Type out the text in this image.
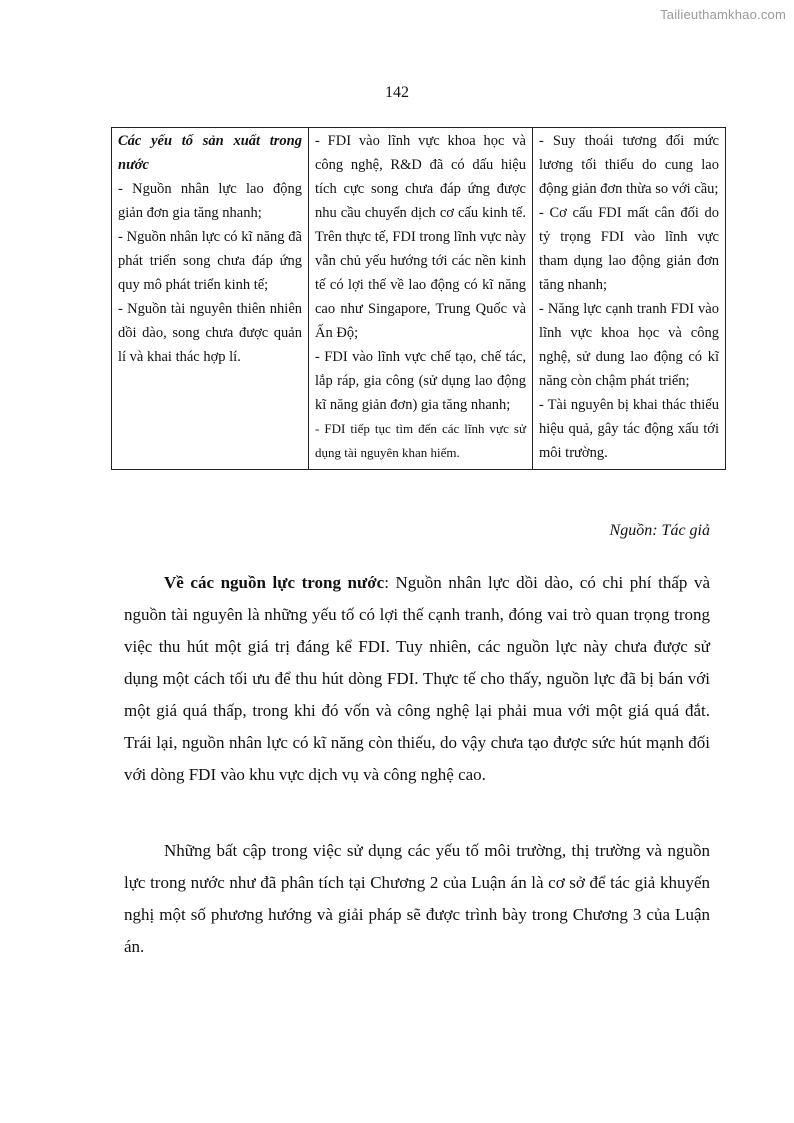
Tailieuthamkhao.com
142
Các yếu tố sản xuất trong nước
- Nguồn nhân lực lao động giản đơn gia tăng nhanh;
- Nguồn nhân lực có kĩ năng đã phát triển song chưa đáp ứng quy mô phát triển kinh tế;
- Nguồn tài nguyên thiên nhiên dồi dào, song chưa được quản lí và khai thác hợp lí.

- FDI vào lĩnh vực khoa học và công nghệ, R&D đã có dấu hiệu tích cực song chưa đáp ứng được nhu cầu chuyển dịch cơ cấu kinh tế. Trên thực tế, FDI trong lĩnh vực này vẫn chủ yếu hướng tới các nền kinh tế có lợi thế về lao động có kĩ năng cao như Singapore, Trung Quốc và Ấn Độ;
- FDI vào lĩnh vực chế tạo, chế tác, lắp ráp, gia công (sử dụng lao động kĩ năng giản đơn) gia tăng nhanh;
- FDI tiếp tục tìm đến các lĩnh vực sử dụng tài nguyên khan hiếm.

- Suy thoái tương đối mức lương tối thiểu do cung lao động giản đơn thừa so với cầu;
- Cơ cấu FDI mất cân đối do tỷ trọng FDI vào lĩnh vực tham dụng lao động giản đơn tăng nhanh;
- Năng lực cạnh tranh FDI vào lĩnh vực khoa học và công nghệ, sử dung lao động có kĩ năng còn chậm phát triển;
- Tài nguyên bị khai thác thiếu hiệu quả, gây tác động xấu tới môi trường.
Nguồn: Tác giả

Về các nguồn lực trong nước: Nguồn nhân lực dồi dào, có chi phí thấp và nguồn tài nguyên là những yếu tố có lợi thế cạnh tranh, đóng vai trò quan trọng trong việc thu hút một giá trị đáng kể FDI. Tuy nhiên, các nguồn lực này chưa được sử dụng một cách tối ưu để thu hút dòng FDI. Thực tế cho thấy, nguồn lực đã bị bán với một giá quá thấp, trong khi đó vốn và công nghệ lại phải mua với một giá quá đắt. Trái lại, nguồn nhân lực có kĩ năng còn thiếu, do vậy chưa tạo được sức hút mạnh đối với dòng FDI vào khu vực dịch vụ và công nghệ cao.

Những bất cập trong việc sử dụng các yếu tố môi trường, thị trường và nguồn lực trong nước như đã phân tích tại Chương 2 của Luận án là cơ sở để tác giả khuyến nghị một số phương hướng và giải pháp sẽ được trình bày trong Chương 3 của Luận án.
